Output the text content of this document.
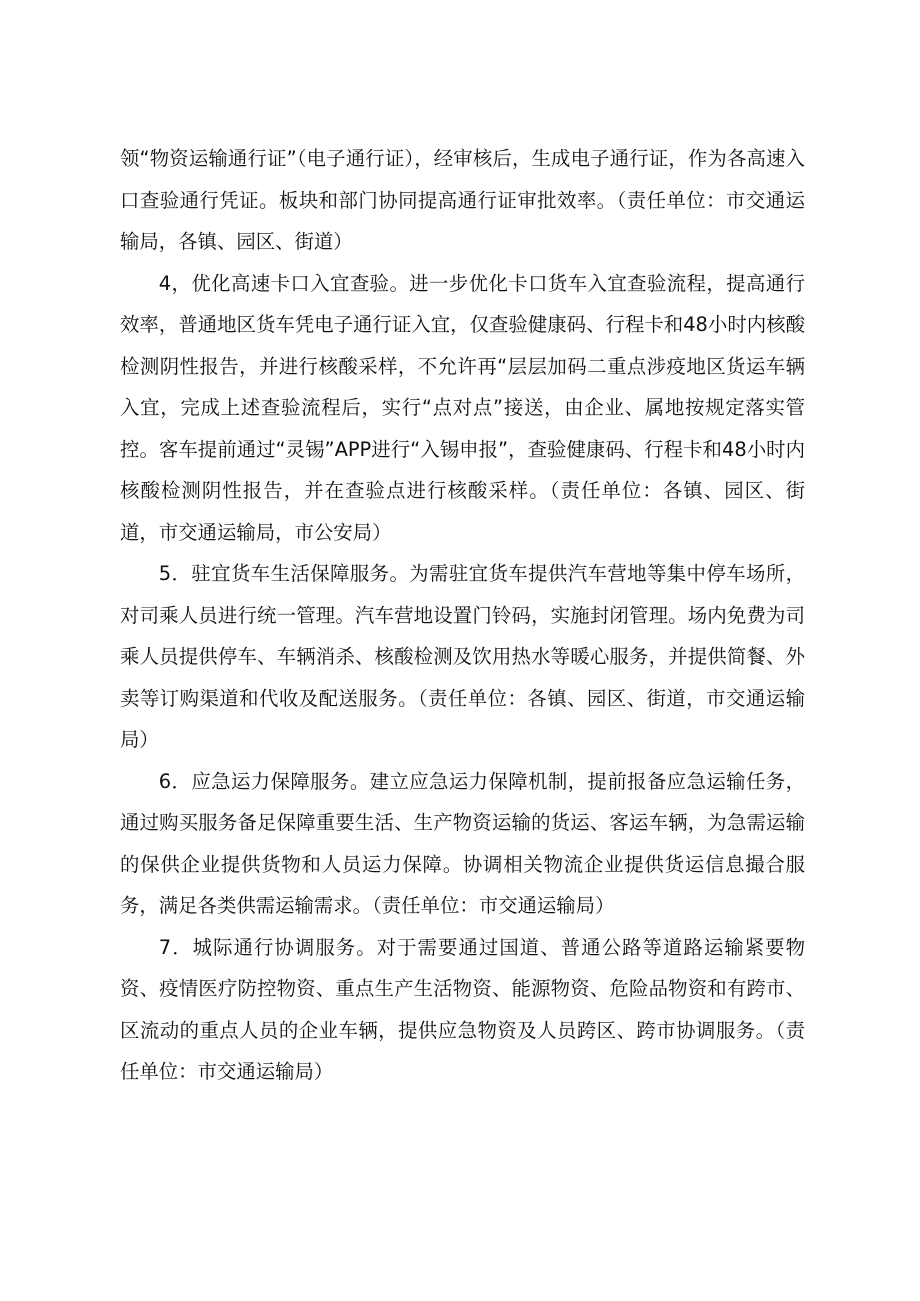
领“物资运输通行证”（电子通行证），经审核后，生成电子通行证，作为各高速入口查验通行凭证。板块和部门协同提高通行证审批效率。（责任单位：市交通运输局，各镇、园区、街道）

4，优化高速卡口入宜查验。进一步优化卡口货车入宜查验流程，提高通行效率，普通地区货车凭电子通行证入宜，仅查验健康码、行程卡和48小时内核酸检测阴性报告，并进行核酸采样，不允许再“层层加码二重点涉疫地区货运车辆入宜，完成上述查验流程后，实行“点对点”接送，由企业、属地按规定落实管控。客车提前通过“灵锡”APP进行“入锡申报”，查验健康码、行程卡和48小时内核酸检测阴性报告，并在查验点进行核酸采样。（责任单位：各镇、园区、街道，市交通运输局，市公安局）

5．驻宜货车生活保障服务。为需驻宜货车提供汽车营地等集中停车场所，对司乘人员进行统一管理。汽车营地设置门铃码，实施封闭管理。场内免费为司乘人员提供停车、车辆消杀、核酸检测及饮用热水等暖心服务，并提供简餐、外卖等订购渠道和代收及配送服务。（责任单位：各镇、园区、街道，市交通运输局）

6．应急运力保障服务。建立应急运力保障机制，提前报备应急运输任务，通过购买服务备足保障重要生活、生产物资运输的货运、客运车辆，为急需运输的保供企业提供货物和人员运力保障。协调相关物流企业提供货运信息撮合服务，满足各类供需运输需求。（责任单位：市交通运输局）

7．城际通行协调服务。对于需要通过国道、普通公路等道路运输紧要物资、疫情医疗防控物资、重点生产生活物资、能源物资、危险品物资和有跨市、区流动的重点人员的企业车辆，提供应急物资及人员跨区、跨市协调服务。（责任单位：市交通运输局）
